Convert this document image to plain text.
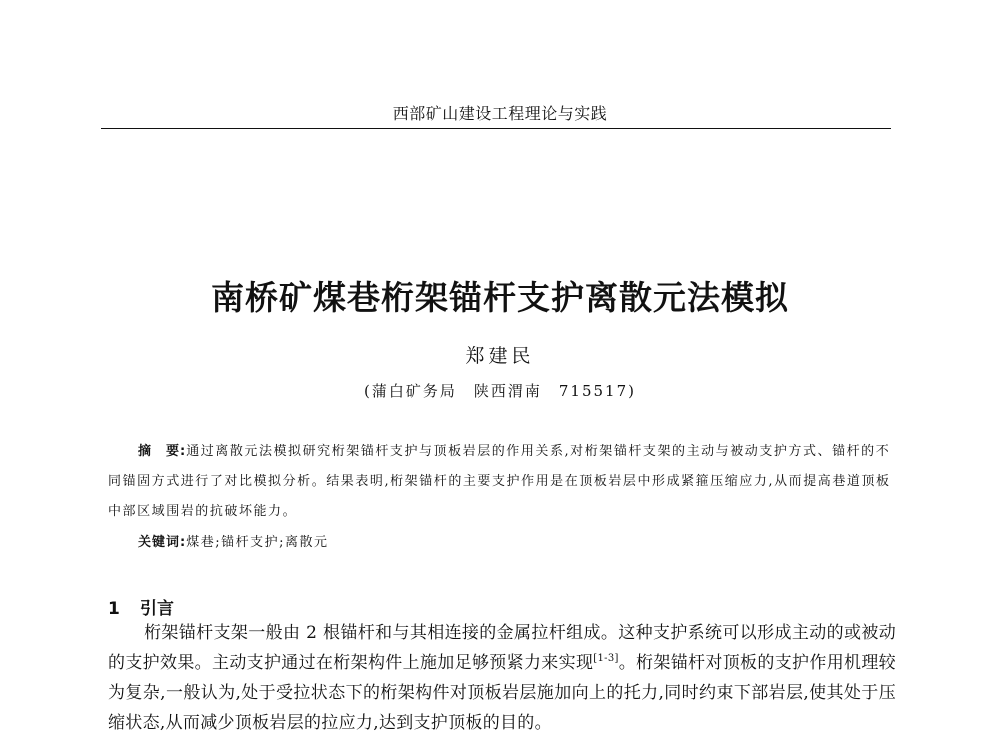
西部矿山建设工程理论与实践
南桥矿煤巷桁架锚杆支护离散元法模拟
郑建民
(蒲白矿务局　陕西渭南　715517)
摘　要:通过离散元法模拟研究桁架锚杆支护与顶板岩层的作用关系,对桁架锚杆支架的主动与被动支护方式、锚杆的不同锚固方式进行了对比模拟分析。结果表明,桁架锚杆的主要支护作用是在顶板岩层中形成紧箍压缩应力,从而提高巷道顶板中部区域围岩的抗破坏能力。
关键词:煤巷;锚杆支护;离散元
1 引言
桁架锚杆支架一般由 2 根锚杆和与其相连接的金属拉杆组成。这种支护系统可以形成主动的或被动的支护效果。主动支护通过在桁架构件上施加足够预紧力来实现[1-3]。桁架锚杆对顶板的支护作用机理较为复杂,一般认为,处于受拉状态下的桁架构件对顶板岩层施加向上的托力,同时约束下部岩层,使其处于压缩状态,从而减少顶板岩层的拉应力,达到支护顶板的目的。
